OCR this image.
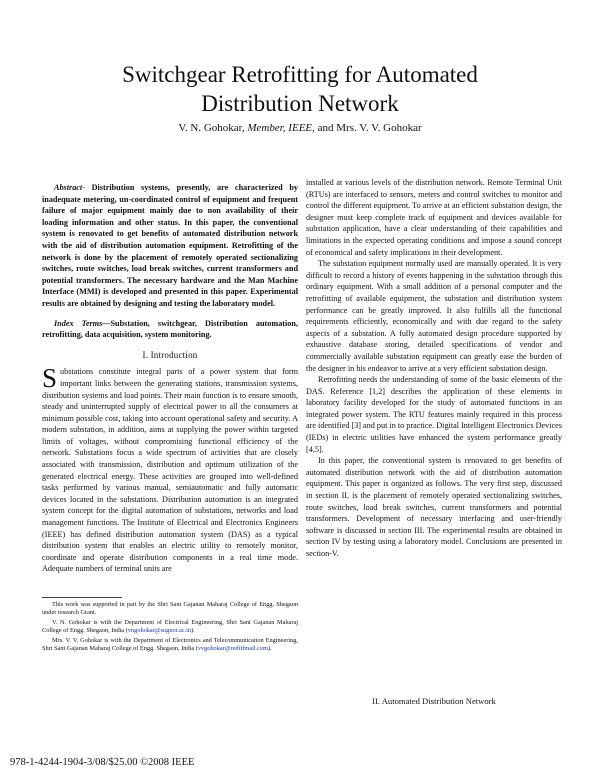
Switchgear Retrofitting for Automated
Distribution Network
V. N. Gohokar, Member, IEEE, and Mrs. V. V. Gohokar

Abstract- Distribution systems, presently, are characterized by inadequate metering, un-coordinated control of equipment and frequent failure of major equipment mainly due to non availability of their loading information and other status. In this paper, the conventional system is renovated to get benefits of automated distribution network with the aid of distribution automation equipment. Retrofitting of the network is done by the placement of remotely operated sectionalizing switches, route switches, load break switches, current transformers and potential transformers. The necessary hardware and the Man Machine Interface (MMI) is developed and presented in this paper. Experimental results are obtained by designing and testing the laboratory model.

Index Terms—Substation, switchgear, Distribution automation, retrofitting, data acquisition, system monitoring.

I. Introduction

Substations constitute integral parts of a power system that form important links between the generating stations, transmission systems, distribution systems and load points. Their main function is to ensure smooth, steady and uninterrupted supply of electrical power to all the consumers at minimum possible cost, taking into account operational safety and security. A modern substation, in addition, aims at supplying the power within targeted limits of voltages, without compromising functional efficiency of the network. Substations focus a wide spectrum of activities that are closely associated with transmission, distribution and optimum utilization of the generated electrical energy. These activities are grouped into well-defined tasks performed by various manual, semiautomatic and fully automatic devices located in the substations. Distribution automation is an integrated system concept for the digital automation of substations, networks and load management functions. The Institute of Electrical and Electronics Engineers (IEEE) has defined distribution automation system (DAS) as a typical distribution system that enables an electric utility to remotely monitor, coordinate and operate distribution components in a real time mode. Adequate numbers of terminal units are

This work was supported in part by the Shri Sant Gajanan Maharaj College of Engg. Shegaon under research Grant.

V. N. Gohokar is with the Department of Electrical Engineering, Shri Sant Gajanan Maharaj College of Engg. Shegaon, India (vngohokar@sugnor.ac.in).

Mrs. V. V. Gohokar is with the Department of Electronics and Telecommunication Engineering, Shri Sant Gajanan Maharaj College of Engg. Shegaon, India (vvgohokar@rediffmail.com).

installed at various levels of the distribution network. Remote Terminal Unit (RTUs) are interfaced to sensors, meters and control switches to monitor and control the different equipment. To arrive at an efficient substation design, the designer must keep complete track of equipment and devices available for substation application, have a clear understanding of their capabilities and limitations in the expected operating conditions and impose a sound concept of economical and safety implications in their development.

The substation equipment normally used are manually operated. It is very difficult to record a history of events happening in the substation through this ordinary equipment. With a small addition of a personal computer and the retrofitting of available equipment, the substation and distribution system performance can be greatly improved. It also fulfills all the functional requirements efficiently, economically and with due regard to the safety aspects of a substation. A fully automated design procedure supported by exhaustive database storing, detailed specifications of vendor and commercially available substation equipment can greatly ease the burden of the designer in his endeavor to arrive at a very efficient substation design.

Retrofitting needs the understanding of some of the basic elements of the DAS. Reference [1,2] describes the application of these elements in laboratory facility developed for the study of automated functions in an integrated power system. The RTU features mainly required in this process are identified [3] and put in to practice. Digital Intelligent Electronics Devices (IEDs) in electric utilities have enhanced the system performance greatly [4,5].

In this paper, the conventional system is renovated to get benefits of automated distribution network with the aid of distribution automation equipment. This paper is organized as follows. The very first step, discussed in section II, is the placement of remotely operated sectionalizing switches, route switches, load break switches, current transformers and potential transformers. Development of necessary interfacing and user-friendly software is discussed in section III. The experimental results are obtained in section IV by testing using a laboratory model. Conclusions are presented in section-V.

II. Automated Distribution Network
978-1-4244-1904-3/08/$25.00 ©2008 IEEE
